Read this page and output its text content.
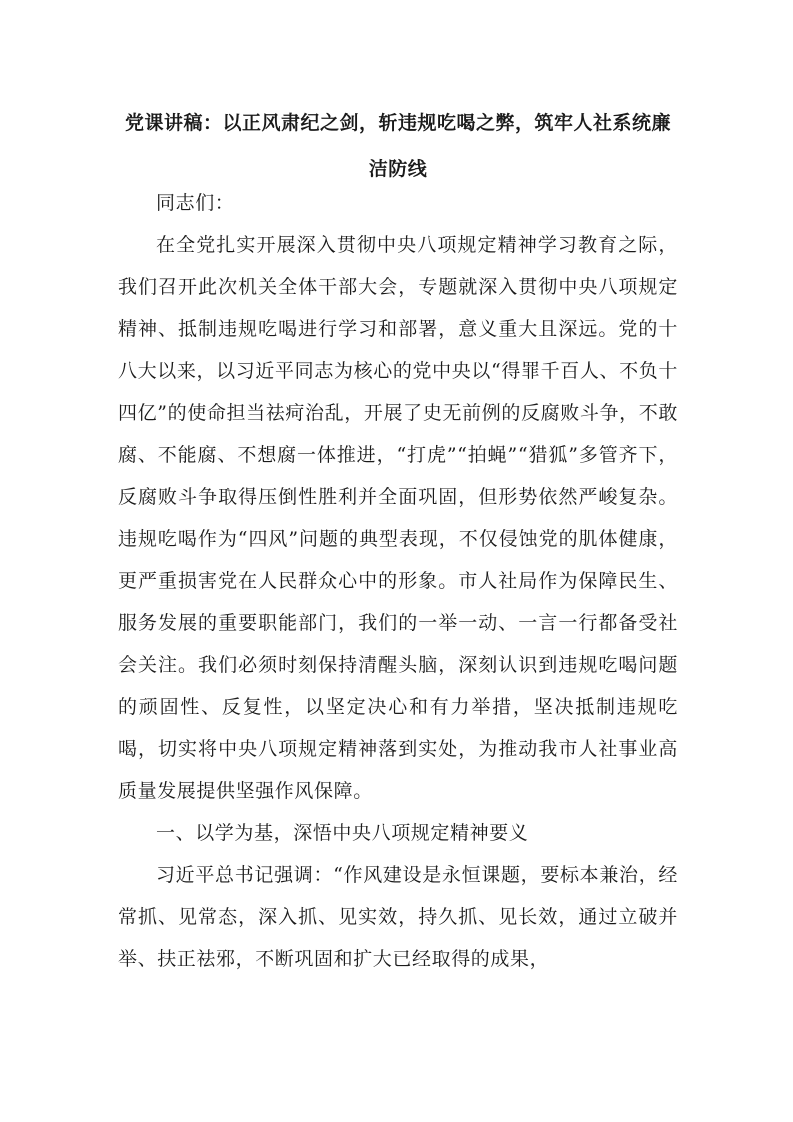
党课讲稿：以正风肃纪之剑，斩违规吃喝之弊，筑牢人社系统廉洁防线

同志们：

在全党扎实开展深入贯彻中央八项规定精神学习教育之际，我们召开此次机关全体干部大会，专题就深入贯彻中央八项规定精神、抵制违规吃喝进行学习和部署，意义重大且深远。党的十八大以来，以习近平同志为核心的党中央以“得罪千百人、不负十四亿”的使命担当祛疴治乱，开展了史无前例的反腐败斗争，不敢腐、不能腐、不想腐一体推进，“打虎”“拍蝇”“猎狐”多管齐下，反腐败斗争取得压倒性胜利并全面巩固，但形势依然严峻复杂。违规吃喝作为“四风”问题的典型表现，不仅侵蚀党的肌体健康，更严重损害党在人民群众心中的形象。市人社局作为保障民生、服务发展的重要职能部门，我们的一举一动、一言一行都备受社会关注。我们必须时刻保持清醒头脑，深刻认识到违规吃喝问题的顽固性、反复性，以坚定决心和有力举措，坚决抵制违规吃喝，切实将中央八项规定精神落到实处，为推动我市人社事业高质量发展提供坚强作风保障。

一、以学为基，深悟中央八项规定精神要义

习近平总书记强调：“作风建设是永恒课题，要标本兼治，经常抓、见常态，深入抓、见实效，持久抓、见长效，通过立破并举、扶正祛邪，不断巩固和扩大已经取得的成果，
